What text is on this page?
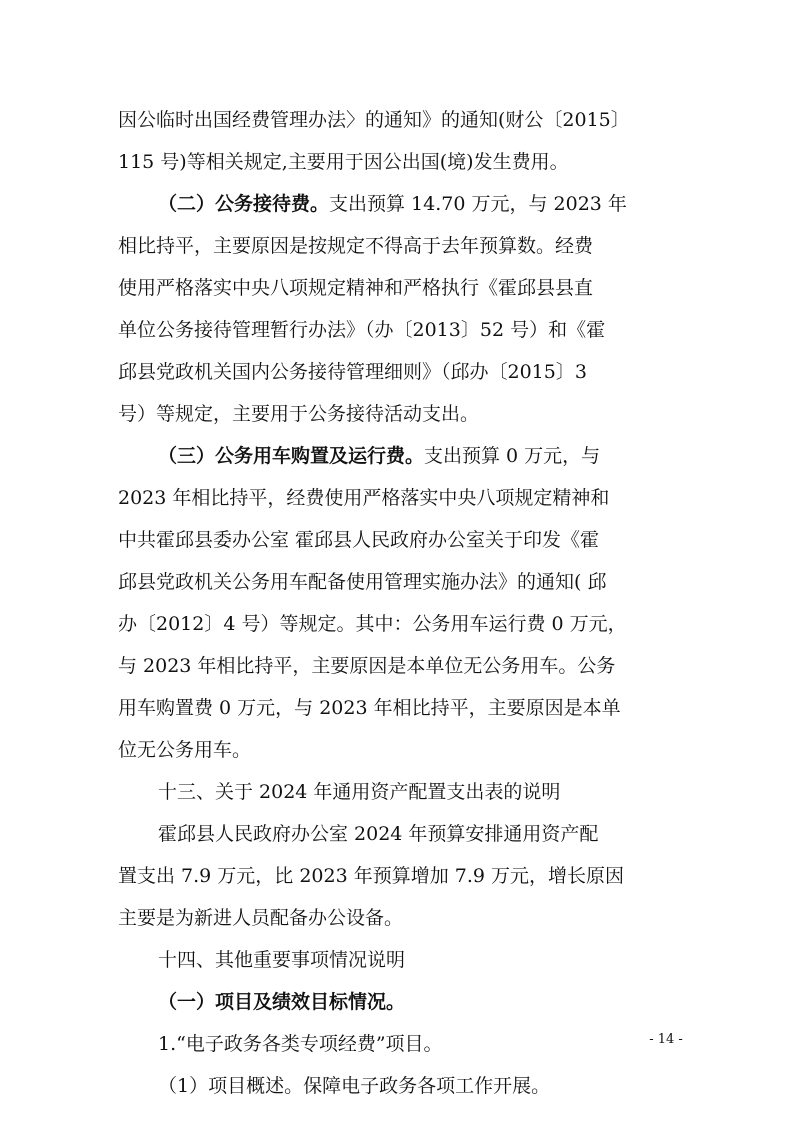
因公临时出国经费管理办法〉的通知》的通知(财公〔2015〕

115 号)等相关规定,主要用于因公出国(境)发生费用。

（二）公务接待费。支出预算 14.70 万元，与 2023 年

相比持平，主要原因是按规定不得高于去年预算数。经费

使用严格落实中央八项规定精神和严格执行《霍邱县县直

单位公务接待管理暂行办法》（办〔2013〕52 号）和《霍

邱县党政机关国内公务接待管理细则》（邱办〔2015〕3

号）等规定，主要用于公务接待活动支出。

（三）公务用车购置及运行费。支出预算 0 万元，与

2023 年相比持平，经费使用严格落实中央八项规定精神和

中共霍邱县委办公室 霍邱县人民政府办公室关于印发《霍

邱县党政机关公务用车配备使用管理实施办法》的通知( 邱

办〔2012〕4 号）等规定。其中：公务用车运行费 0 万元，

与 2023 年相比持平，主要原因是本单位无公务用车。公务

用车购置费 0 万元，与 2023 年相比持平，主要原因是本单

位无公务用车。

十三、关于 2024 年通用资产配置支出表的说明

霍邱县人民政府办公室 2024 年预算安排通用资产配

置支出 7.9 万元，比 2023 年预算增加 7.9 万元，增长原因

主要是为新进人员配备办公设备。

十四、其他重要事项情况说明

（一）项目及绩效目标情况。

1.“电子政务各类专项经费”项目。

（1）项目概述。保障电子政务各项工作开展。

- 14 -
